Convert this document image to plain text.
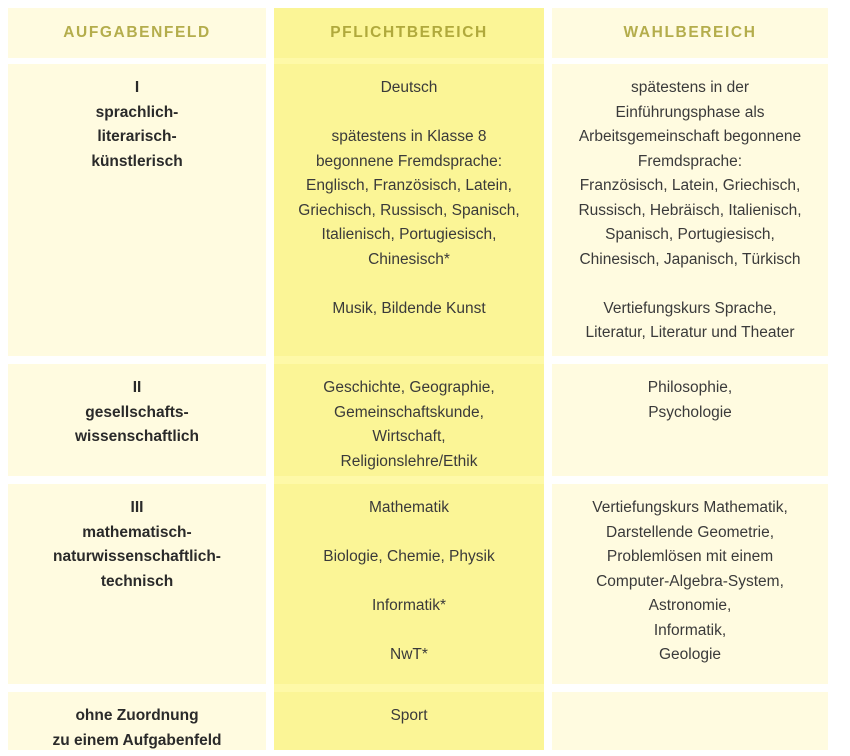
AUFGABENFELD	PFLICHTBEREICH	WAHLBEREICH
I
sprachlich-
literarisch-
künstlerisch
Deutsch
spätestens in Klasse 8
begonnene Fremdsprache:
Englisch, Französisch, Latein,
Griechisch, Russisch, Spanisch,
Italienisch, Portugiesisch,
Chinesisch*
Musik, Bildende Kunst
spätestens in der
Einführungsphase als
Arbeitsgemeinschaft begonnene
Fremdsprache:
Französisch, Latein, Griechisch,
Russisch, Hebräisch, Italienisch,
Spanisch, Portugiesisch,
Chinesisch, Japanisch, Türkisch
Vertiefungskurs Sprache,
Literatur, Literatur und Theater
II
gesellschafts-
wissenschaftlich
Geschichte, Geographie,
Gemeinschaftskunde,
Wirtschaft,
Religionslehre/Ethik
Philosophie,
Psychologie
III
mathematisch-
naturwissenschaftlich-
technisch
Mathematik
Biologie, Chemie, Physik
Informatik*
NwT*
Vertiefungskurs Mathematik,
Darstellende Geometrie,
Problemlösen mit einem
Computer-Algebra-System,
Astronomie,
Informatik,
Geologie
ohne Zuordnung
zu einem Aufgabenfeld
Sport
